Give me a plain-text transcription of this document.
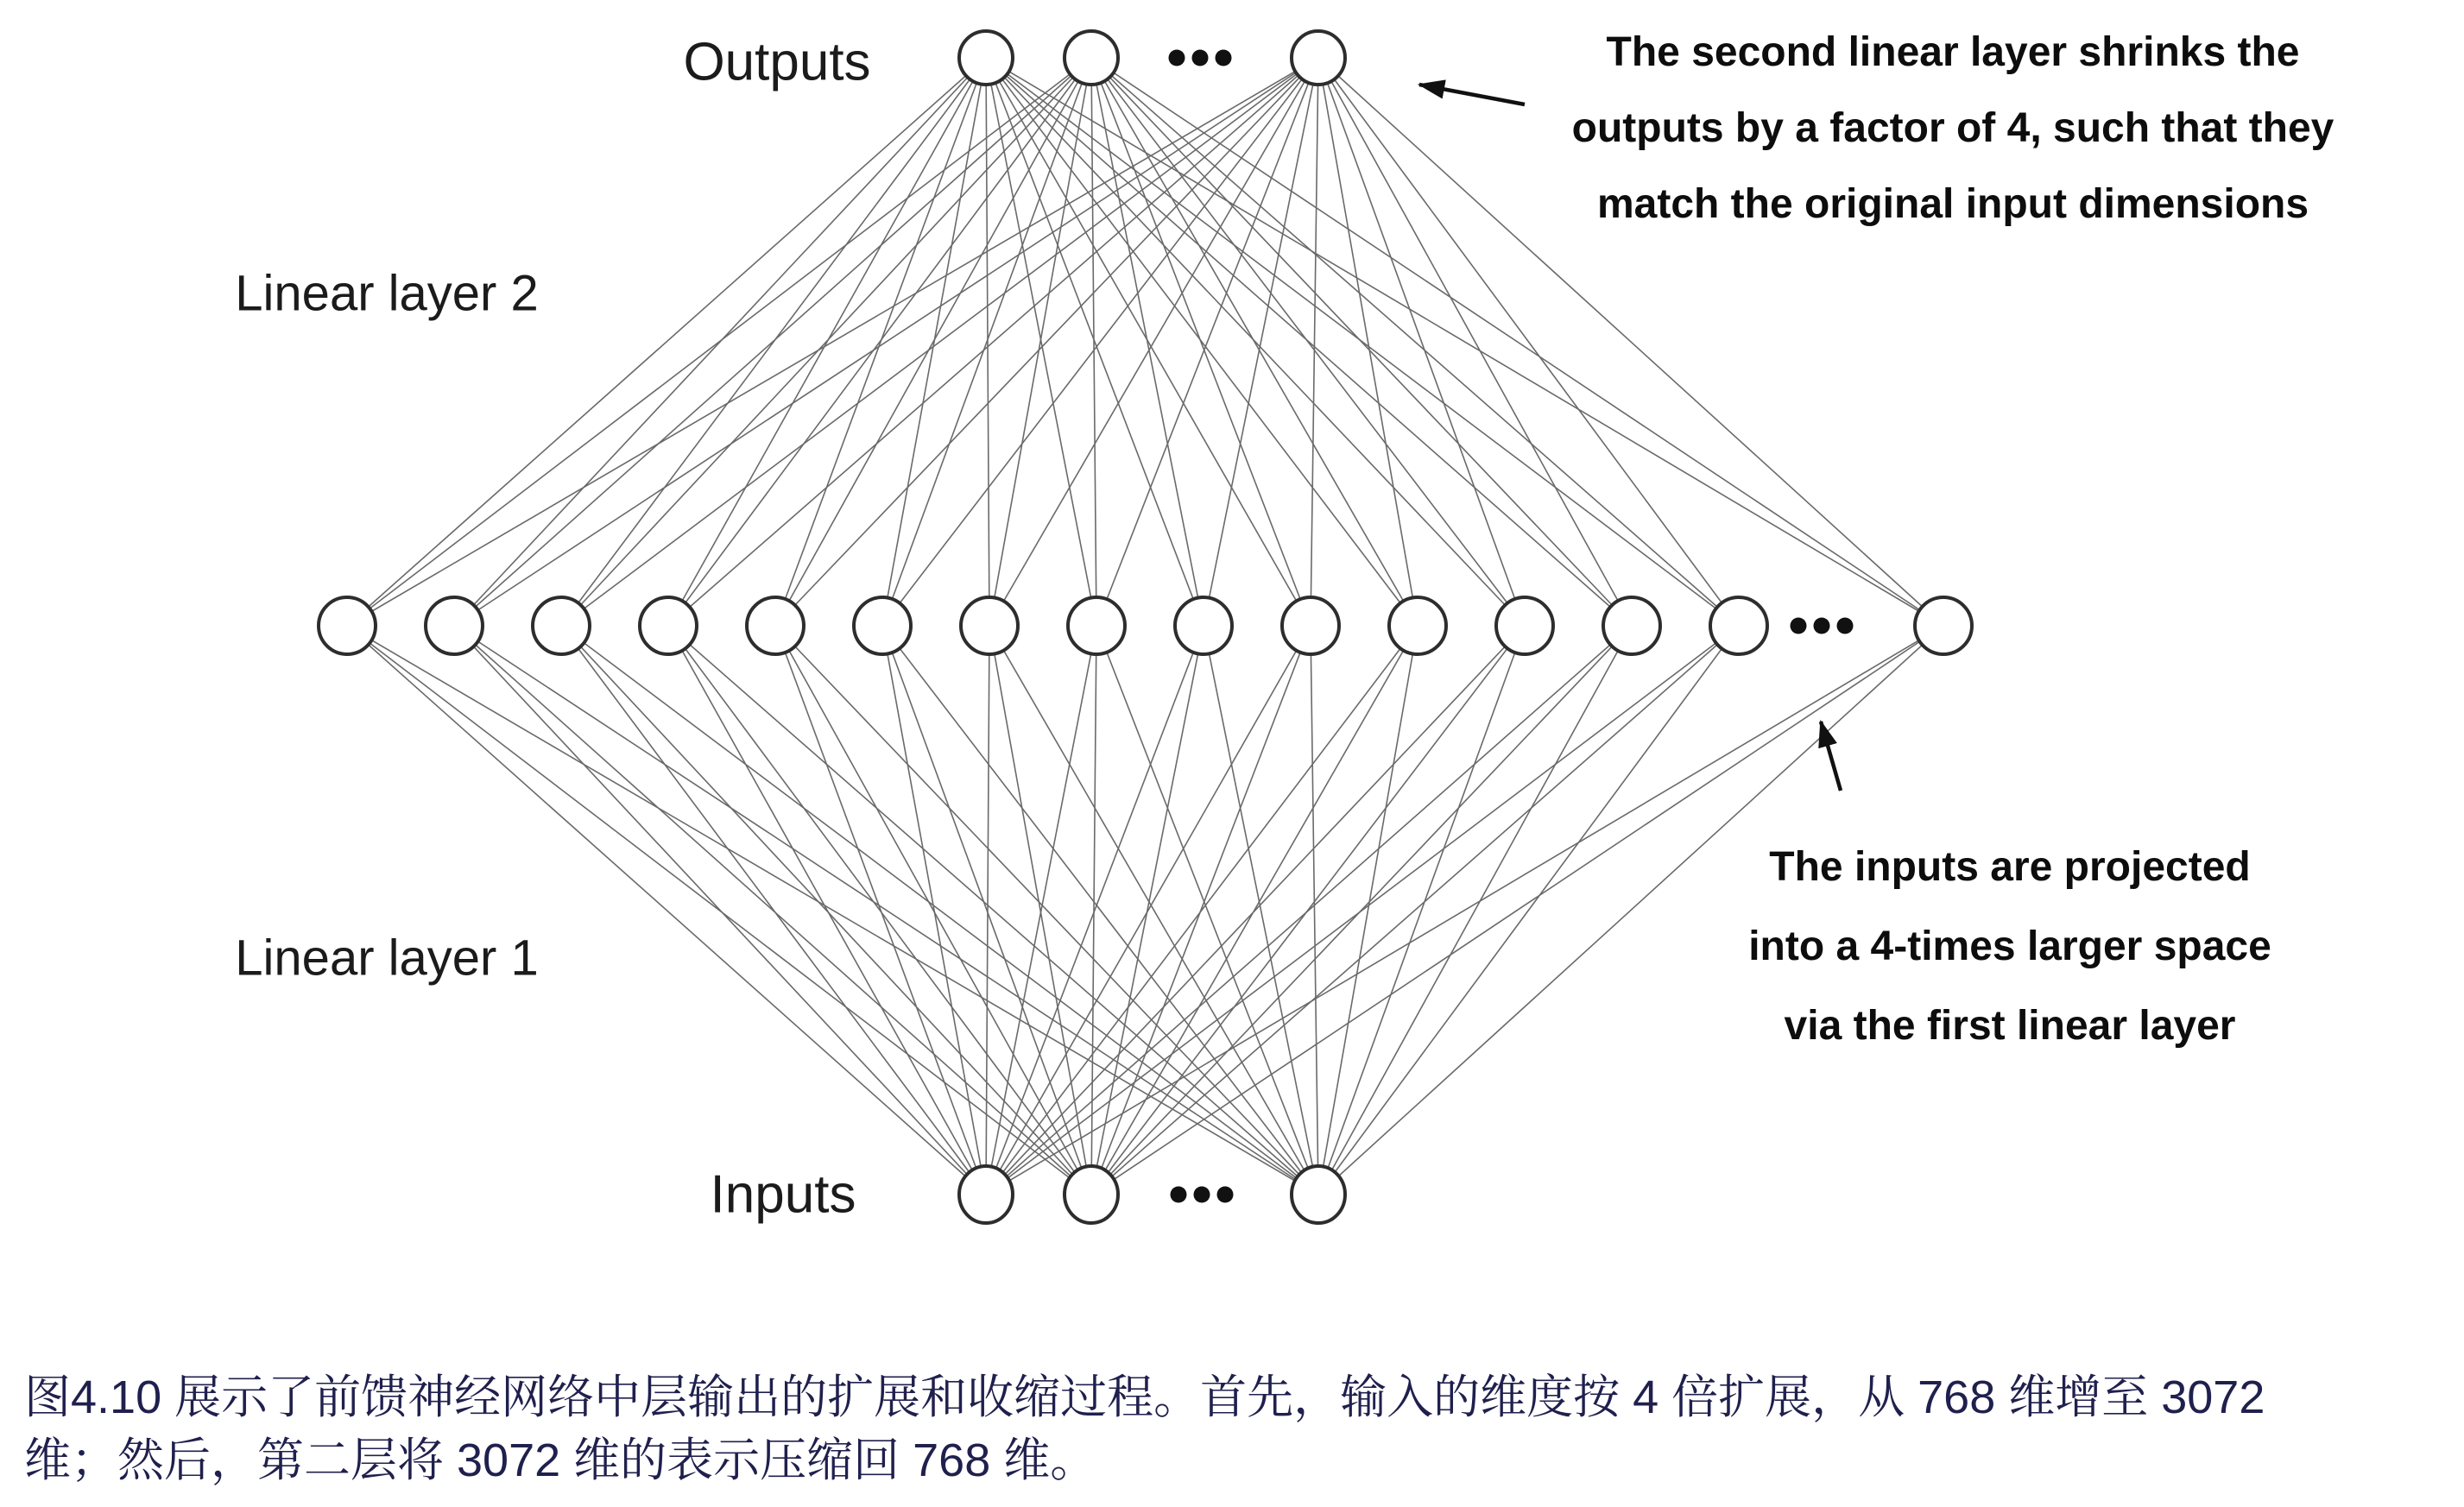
Outputs
Linear layer 2
Linear layer 1
Inputs
The second linear layer shrinks the
outputs by a factor of 4, such that they
match the original input dimensions
The inputs are projected
into a 4-times larger space
via the first linear layer
图4.10 展示了前馈神经网络中层输出的扩展和收缩过程。首先，输入的维度按 4 倍扩展，从 768 维增至 3072
维；然后，第二层将 3072 维的表示压缩回 768 维。
